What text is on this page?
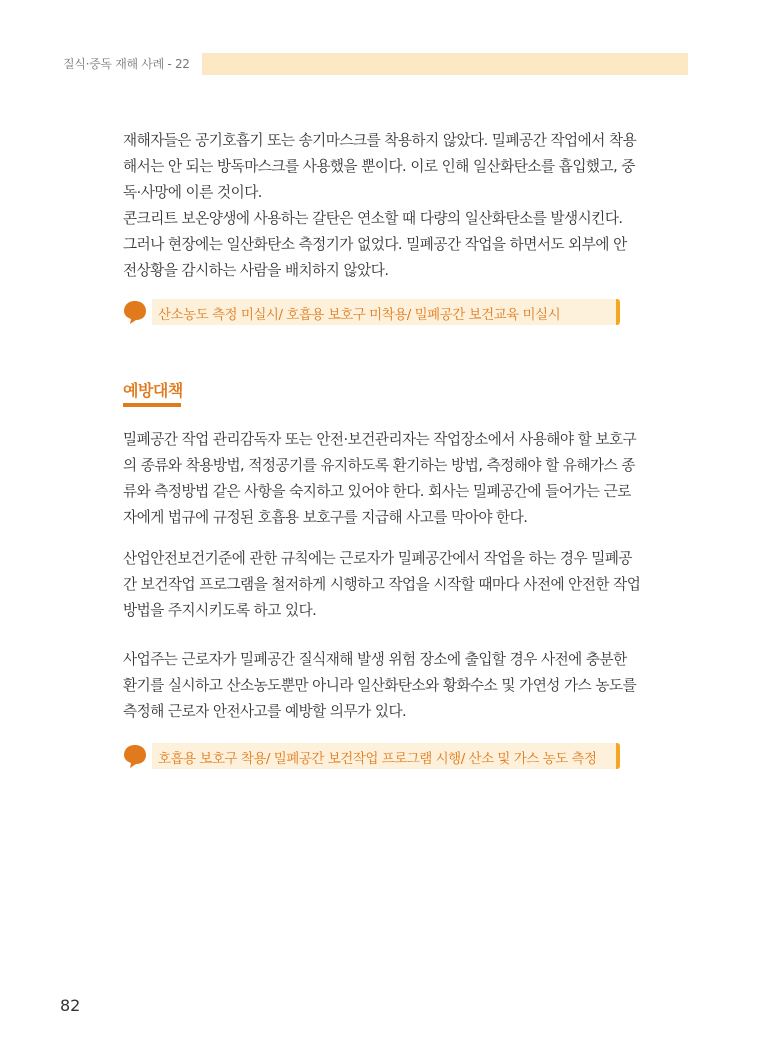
질식·중독 재해 사례 - 22
재해자들은 공기호흡기 또는 송기마스크를 착용하지 않았다. 밀폐공간 작업에서 착용
해서는 안 되는 방독마스크를 사용했을 뿐이다. 이로 인해 일산화탄소를 흡입했고, 중
독·사망에 이른 것이다.
콘크리트 보온양생에 사용하는 갈탄은 연소할 때 다량의 일산화탄소를 발생시킨다.
그러나 현장에는 일산화탄소 측정기가 없었다. 밀폐공간 작업을 하면서도 외부에 안
전상황을 감시하는 사람을 배치하지 않았다.
산소농도 측정 미실시/ 호흡용 보호구 미착용/ 밀폐공간 보건교육 미실시
예방대책
밀폐공간 작업 관리감독자 또는 안전·보건관리자는 작업장소에서 사용해야 할 보호구
의 종류와 착용방법, 적정공기를 유지하도록 환기하는 방법, 측정해야 할 유해가스 종
류와 측정방법 같은 사항을 숙지하고 있어야 한다. 회사는 밀폐공간에 들어가는 근로
자에게 법규에 규정된 호흡용 보호구를 지급해 사고를 막아야 한다.
산업안전보건기준에 관한 규칙에는 근로자가 밀폐공간에서 작업을 하는 경우 밀폐공
간 보건작업 프로그램을 철저하게 시행하고 작업을 시작할 때마다 사전에 안전한 작업
방법을 주지시키도록 하고 있다.
사업주는 근로자가 밀폐공간 질식재해 발생 위험 장소에 출입할 경우 사전에 충분한
환기를 실시하고 산소농도뿐만 아니라 일산화탄소와 황화수소 및 가연성 가스 농도를
측정해 근로자 안전사고를 예방할 의무가 있다.
호흡용 보호구 착용/ 밀폐공간 보건작업 프로그램 시행/ 산소 및 가스 농도 측정
82
